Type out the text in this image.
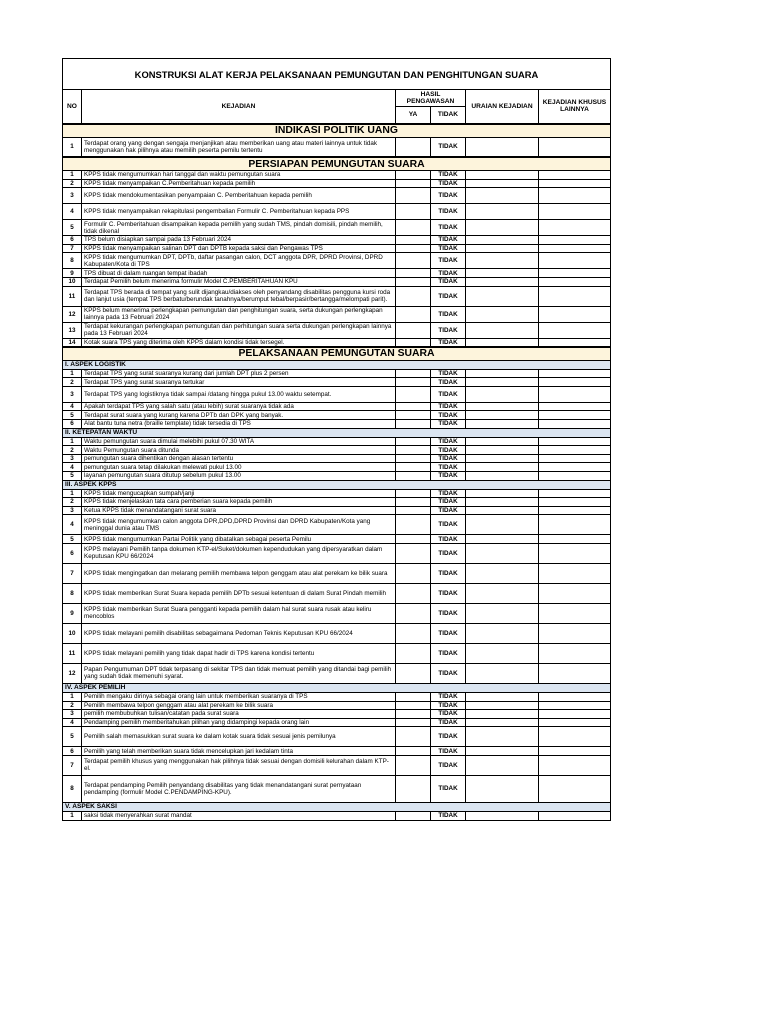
KONSTRUKSI ALAT KERJA PELAKSANAAN PEMUNGUTAN DAN PENGHITUNGAN SUARA					
NO	KEJADIAN	HASIL PENGAWASAN		URAIAN KEJADIAN	KEJADIAN KHUSUS LAINNYA
		YA	TIDAK		
INDIKASI POLITIK UANG					
1	Terdapat orang yang dengan sengaja menjanjikan atau memberikan uang atau materi lainnya untuk tidak menggunakan hak pilihnya atau memilih peserta pemilu tertentu		TIDAK		
PERSIAPAN PEMUNGUTAN SUARA					
1	KPPS tidak mengumumkan hari tanggal dan waktu pemungutan suara		TIDAK		
2	KPPS tidak menyampaikan C.Pemberitahuan kepada pemilih		TIDAK		
3	KPPS tidak mendokumentasikan penyampaian C. Pemberitahuan kepada pemilih		TIDAK		
4	KPPS tidak menyampaikan rekapitulasi pengembalian Formulir C. Pemberitahuan kepada PPS		TIDAK		
5	Formulir C. Pemberitahuan disampaikan kepada pemilih yang sudah TMS, pindah domisili, pindah memilih, tidak dikenal		TIDAK		
6	TPS belum disiapkan sampai pada 13 Februari 2024		TIDAK		
7	KPPS tidak menyampaikan salinan DPT dan DPTB kepada saksi dan Pengawas TPS		TIDAK		
8	KPPS tidak mengumumkan DPT, DPTb, daftar pasangan calon, DCT anggota DPR, DPRD Provinsi, DPRD Kabupaten/Kota di TPS		TIDAK		
9	TPS dibuat di dalam ruangan tempat ibadah		TIDAK		
10	Terdapat Pemilih belum menerima formulir Model C.PEMBERITAHUAN KPU		TIDAK		
11	Terdapat TPS berada di tempat yang sulit dijangkau/diakses oleh penyandang disabilitas pengguna kursi roda dan lanjut usia (tempat TPS berbatu/berundak tanahnya/berumput tebal/berpasir/bertangga/melompati parit).		TIDAK		
12	KPPS belum menerima perlengkapan pemungutan dan penghitungan suara, serta dukungan perlengkapan lainnya pada 13 Februari 2024		TIDAK		
13	Terdapat kekurangan perlengkapan pemungutan dan perhitungan suara serta dukungan perlengkapan lainnya pada 13 Februari 2024		TIDAK		
14	Kotak suara TPS yang diterima oleh KPPS dalam kondisi tidak tersegel.		TIDAK		
PELAKSANAAN PEMUNGUTAN SUARA					
I. ASPEK LOGISTIK					
1	Terdapat TPS yang surat suaranya kurang dari jumlah DPT plus 2 persen		TIDAK		
2	Terdapat TPS yang surat suaranya tertukar		TIDAK		
3	Terdapat TPS yang logistiknya tidak sampai /datang hingga pukul 13.00 waktu setempat.		TIDAK		
4	Apakah terdapat TPS yang salah satu (atau lebih) surat suaranya tidak ada		TIDAK		
5	Terdapat surat suara yang kurang karena DPTb dan DPK yang banyak.		TIDAK		
6	Alat bantu tuna netra (braille template) tidak tersedia di TPS		TIDAK		
II. KETEPATAN WAKTU					
1	Waktu pemungutan suara dimulai melebihi pukul 07.30 WITA		TIDAK		
2	Waktu Pemungutan suara ditunda		TIDAK		
3	pemungutan suara dihentikan dengan alasan tertentu		TIDAK		
4	pemungutan suara tetap dilakukan melewati pukul 13.00		TIDAK		
5	layanan pemungutan suara ditutup sebelum pukul 13.00		TIDAK		
III. ASPEK KPPS					
1	KPPS tidak mengucapkan sumpah/janji		TIDAK		
2	KPPS tidak menjelaskan tata cara pemberian suara kepada pemilih		TIDAK		
3	Ketua KPPS tidak menandatangani surat suara		TIDAK		
4	KPPS tidak mengumumkan calon anggota DPR,DPD,DPRD Provinsi dan DPRD Kabupaten/Kota yang meninggal dunia atau TMS		TIDAK		
5	KPPS tidak mengumumkan Partai Politik yang dibatalkan sebagai peserta Pemilu		TIDAK		
6	KPPS melayani Pemilih tanpa dokumen KTP-el/Suket/dokumen kependudukan yang dipersyaratkan dalam Keputusan KPU 66/2024		TIDAK		
7	KPPS tidak mengingatkan dan melarang pemilih membawa telpon genggam atau alat perekam ke bilik suara		TIDAK		
8	KPPS tidak memberikan Surat Suara kepada pemilih DPTb sesuai ketentuan di dalam Surat Pindah memilih		TIDAK		
9	KPPS tidak memberikan Surat Suara pengganti kepada pemilih dalam hal surat suara rusak atau keliru mencoblos		TIDAK		
10	KPPS tidak melayani pemilih disabilitas sebagaimana Pedoman Teknis Keputusan KPU 66/2024		TIDAK		
11	KPPS tidak melayani pemilih yang tidak dapat hadir di TPS karena kondisi tertentu		TIDAK		
12	Papan Pengumuman DPT tidak terpasang di sekitar TPS dan tidak memuat pemilih yang ditandai bagi pemilih yang sudah tidak memenuhi syarat.		TIDAK		
IV. ASPEK PEMILIH					
1	Pemilih mengaku dirinya sebagai orang lain untuk memberikan suaranya di TPS		TIDAK		
2	Pemilih membawa telpon genggam atau alat perekam ke bilik suara		TIDAK		
3	pemilih membubuhkan tulisan/catatan pada surat suara		TIDAK		
4	Pendamping pemilih memberitahukan pilihan yang didampingi kepada orang lain		TIDAK		
5	Pemilih salah memasukkan surat suara ke dalam kotak suara tidak sesuai jenis pemilunya		TIDAK		
6	Pemilih yang telah memberikan suara tidak mencelupkan jari kedalam tinta		TIDAK		
7	Terdapat pemilih khusus yang menggunakan hak pilihnya tidak sesuai dengan domisili kelurahan dalam KTP-el.		TIDAK		
8	Terdapat pendamping Pemilih penyandang disabilitas yang tidak menandatangani surat pernyataan pendamping (formulir Model C.PENDAMPING-KPU).		TIDAK		
V. ASPEK SAKSI					
1	saksi tidak menyerahkan surat mandat		TIDAK		
